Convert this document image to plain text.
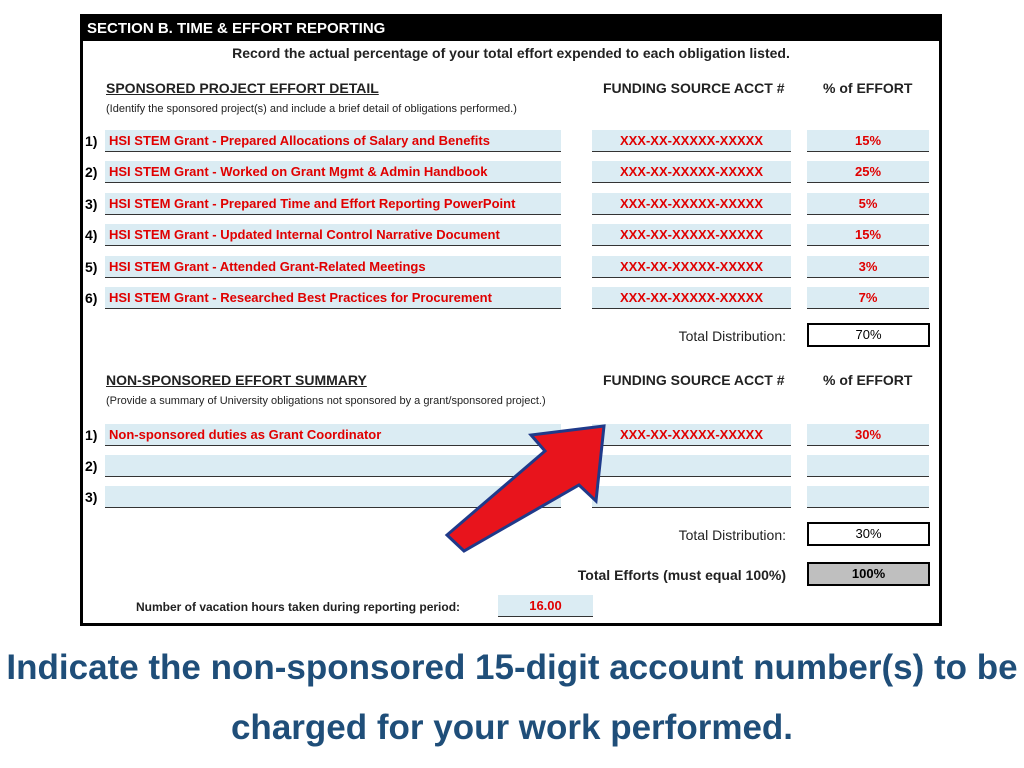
SECTION B. TIME & EFFORT REPORTING
Record the actual percentage of your total effort expended to each obligation listed.
SPONSORED PROJECT EFFORT DETAIL
(Identify the sponsored project(s) and include a brief detail of obligations performed.)
FUNDING SOURCE ACCT #	% of EFFORT
1) HSI STEM Grant - Prepared Allocations of Salary and Benefits	XXX-XX-XXXXX-XXXXX	15%
2) HSI STEM Grant - Worked on Grant Mgmt & Admin Handbook	XXX-XX-XXXXX-XXXXX	25%
3) HSI STEM Grant - Prepared Time and Effort Reporting PowerPoint	XXX-XX-XXXXX-XXXXX	5%
4) HSI STEM Grant - Updated Internal Control Narrative Document	XXX-XX-XXXXX-XXXXX	15%
5) HSI STEM Grant - Attended Grant-Related Meetings	XXX-XX-XXXXX-XXXXX	3%
6) HSI STEM Grant - Researched Best Practices for Procurement	XXX-XX-XXXXX-XXXXX	7%
Total Distribution:	70%
NON-SPONSORED EFFORT SUMMARY
(Provide a summary of University obligations not sponsored by a grant/sponsored project.)
FUNDING SOURCE ACCT #	% of EFFORT
1) Non-sponsored duties as Grant Coordinator	XXX-XX-XXXXX-XXXXX	30%
2)
3)
Total Distribution:	30%
Total Efforts (must equal 100%)	100%
Number of vacation hours taken during reporting period:	16.00
Indicate the non-sponsored 15-digit account number(s) to be charged for your work performed.
